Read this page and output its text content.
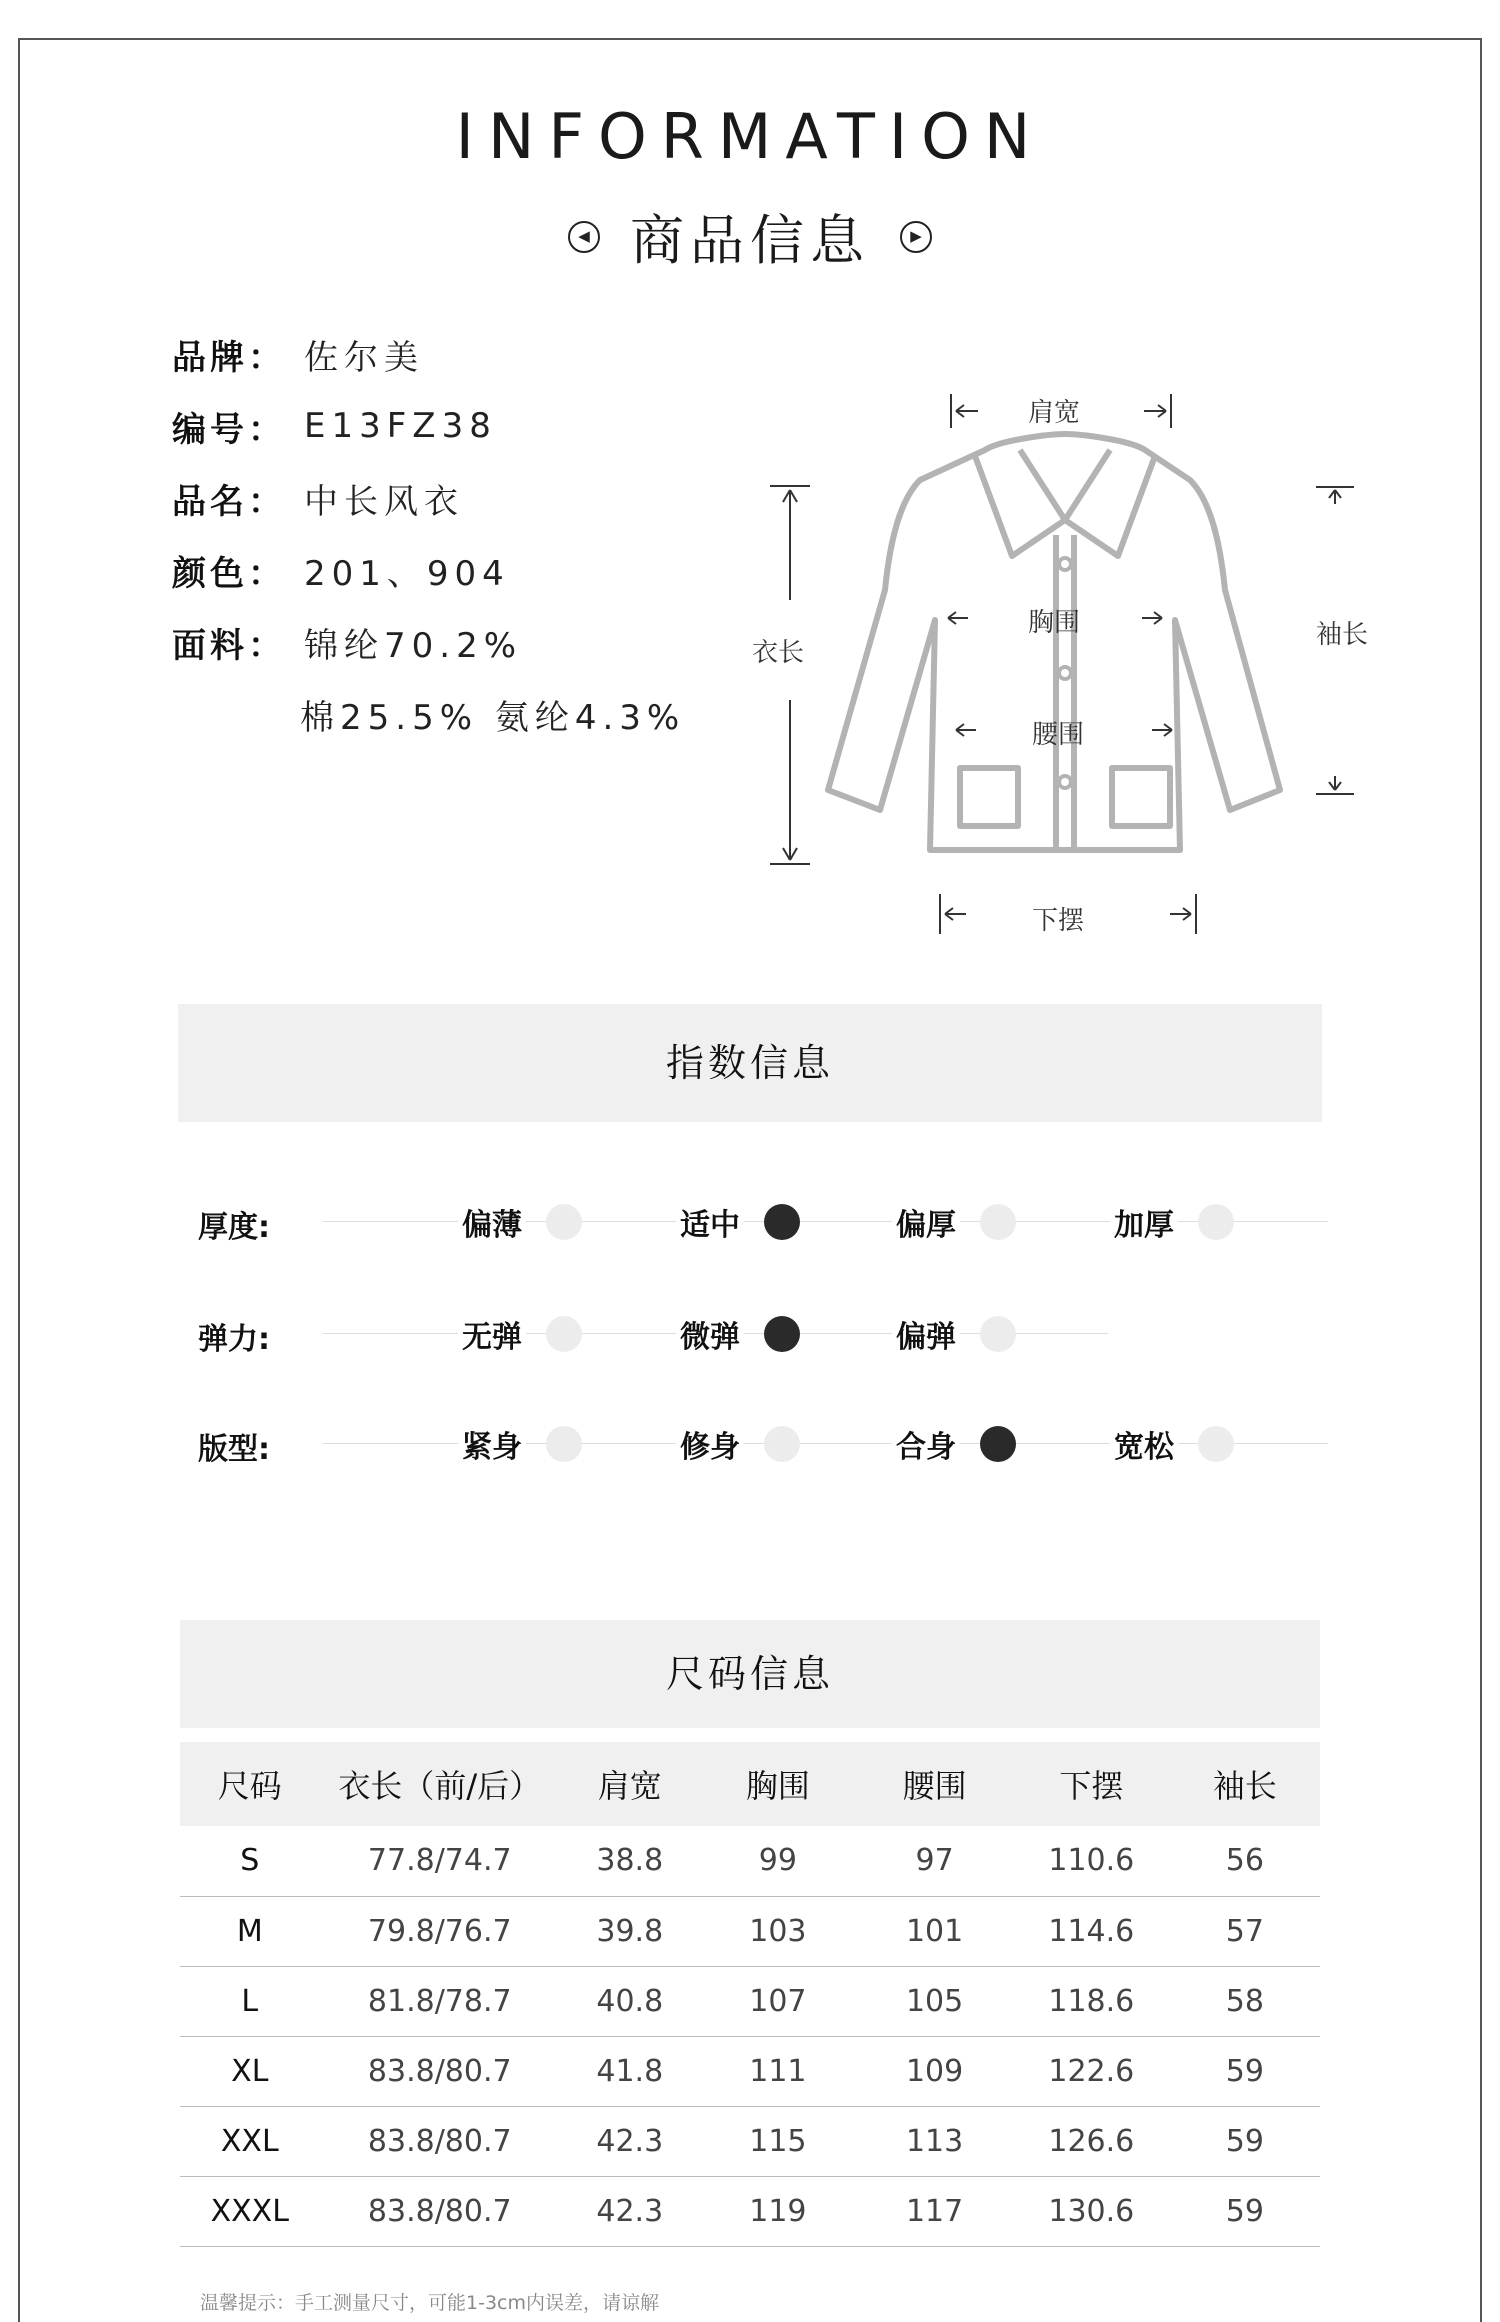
INFORMATION
◀ 商品信息	▶
品牌： 佐尔美
编号： E13FZ38
品名： 中长风衣
颜色： 201、904
面料： 锦纶70.2%
棉25.5% 氨纶4.3%
肩宽
衣长
胸围	袖长
腰围
下摆
指数信息
厚度:	偏薄	适中	偏厚	加厚
弹力:	无弹	微弹	偏弹
版型:	紧身	修身	合身	宽松
尺码信息
尺码	衣长（前/后）	肩宽	胸围	腰围	下摆	袖长
S	77.8/74.7	38.8	99	97	110.6	56
M	79.8/76.7	39.8	103	101	114.6	57
L	81.8/78.7	40.8	107	105	118.6	58
XL	83.8/80.7	41.8	111	109	122.6	59
XXL	83.8/80.7	42.3	115	113	126.6	59
XXXL	83.8/80.7	42.3	119	117	130.6	59
温馨提示：手工测量尺寸，可能1-3cm内误差，请谅解
